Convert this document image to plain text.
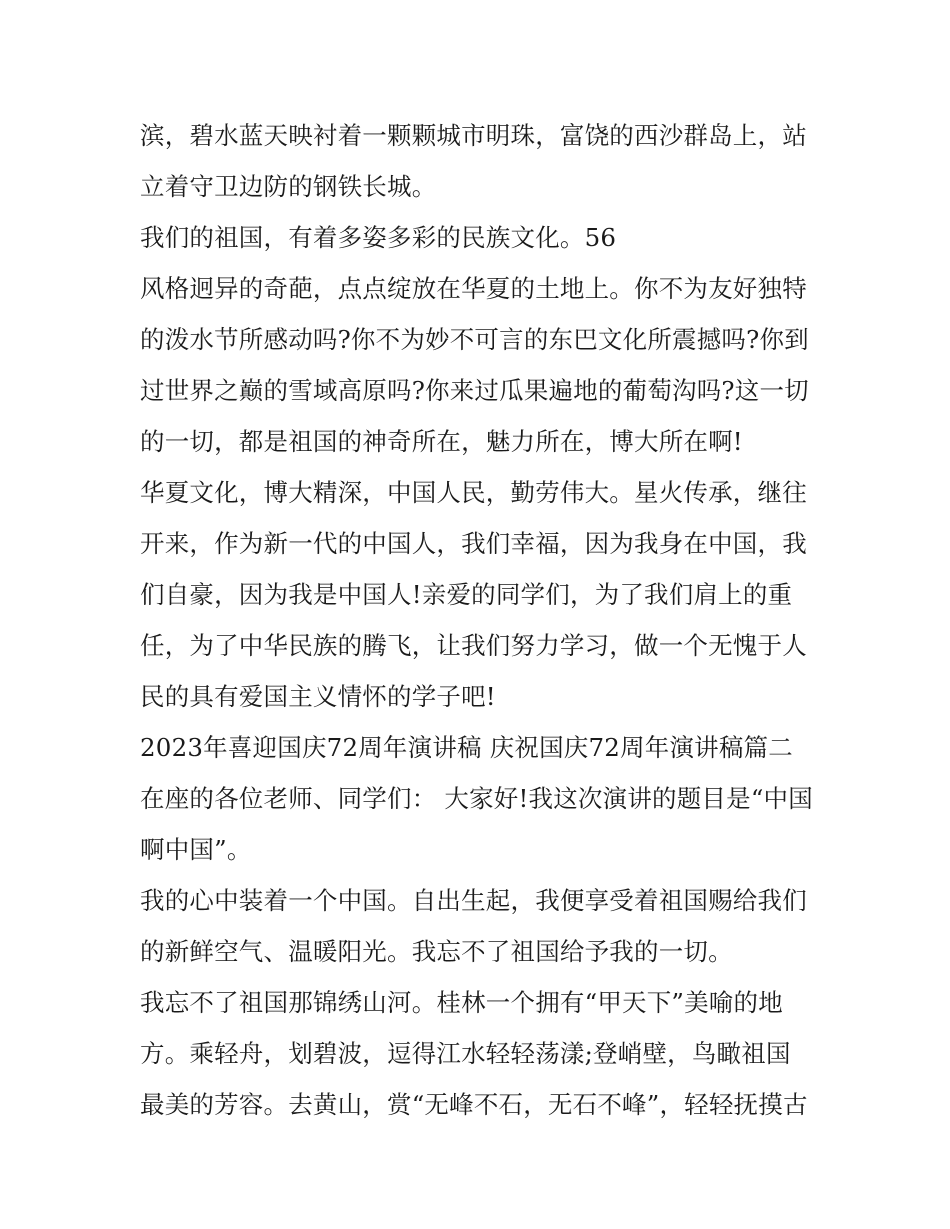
滨，碧水蓝天映衬着一颗颗城市明珠，富饶的西沙群岛上，站
立着守卫边防的钢铁长城。
我们的祖国，有着多姿多彩的民族文化。56
风格迥异的奇葩，点点绽放在华夏的土地上。你不为友好独特
的泼水节所感动吗?你不为妙不可言的东巴文化所震撼吗?你到
过世界之巅的雪域高原吗?你来过瓜果遍地的葡萄沟吗?这一切
的一切，都是祖国的神奇所在，魅力所在，博大所在啊!
华夏文化，博大精深，中国人民，勤劳伟大。星火传承，继往
开来，作为新一代的中国人，我们幸福，因为我身在中国，我
们自豪，因为我是中国人!亲爱的同学们，为了我们肩上的重
任，为了中华民族的腾飞，让我们努力学习，做一个无愧于人
民的具有爱国主义情怀的学子吧!
2023年喜迎国庆72周年演讲稿 庆祝国庆72周年演讲稿篇二
在座的各位老师、同学们： 大家好!我这次演讲的题目是“中国
啊中国”。
我的心中装着一个中国。自出生起，我便享受着祖国赐给我们
的新鲜空气、温暖阳光。我忘不了祖国给予我的一切。
我忘不了祖国那锦绣山河。桂林一个拥有“甲天下”美喻的地
方。乘轻舟，划碧波，逗得江水轻轻荡漾;登峭壁，鸟瞰祖国
最美的芳容。去黄山，赏“无峰不石，无石不峰”，轻轻抚摸古
